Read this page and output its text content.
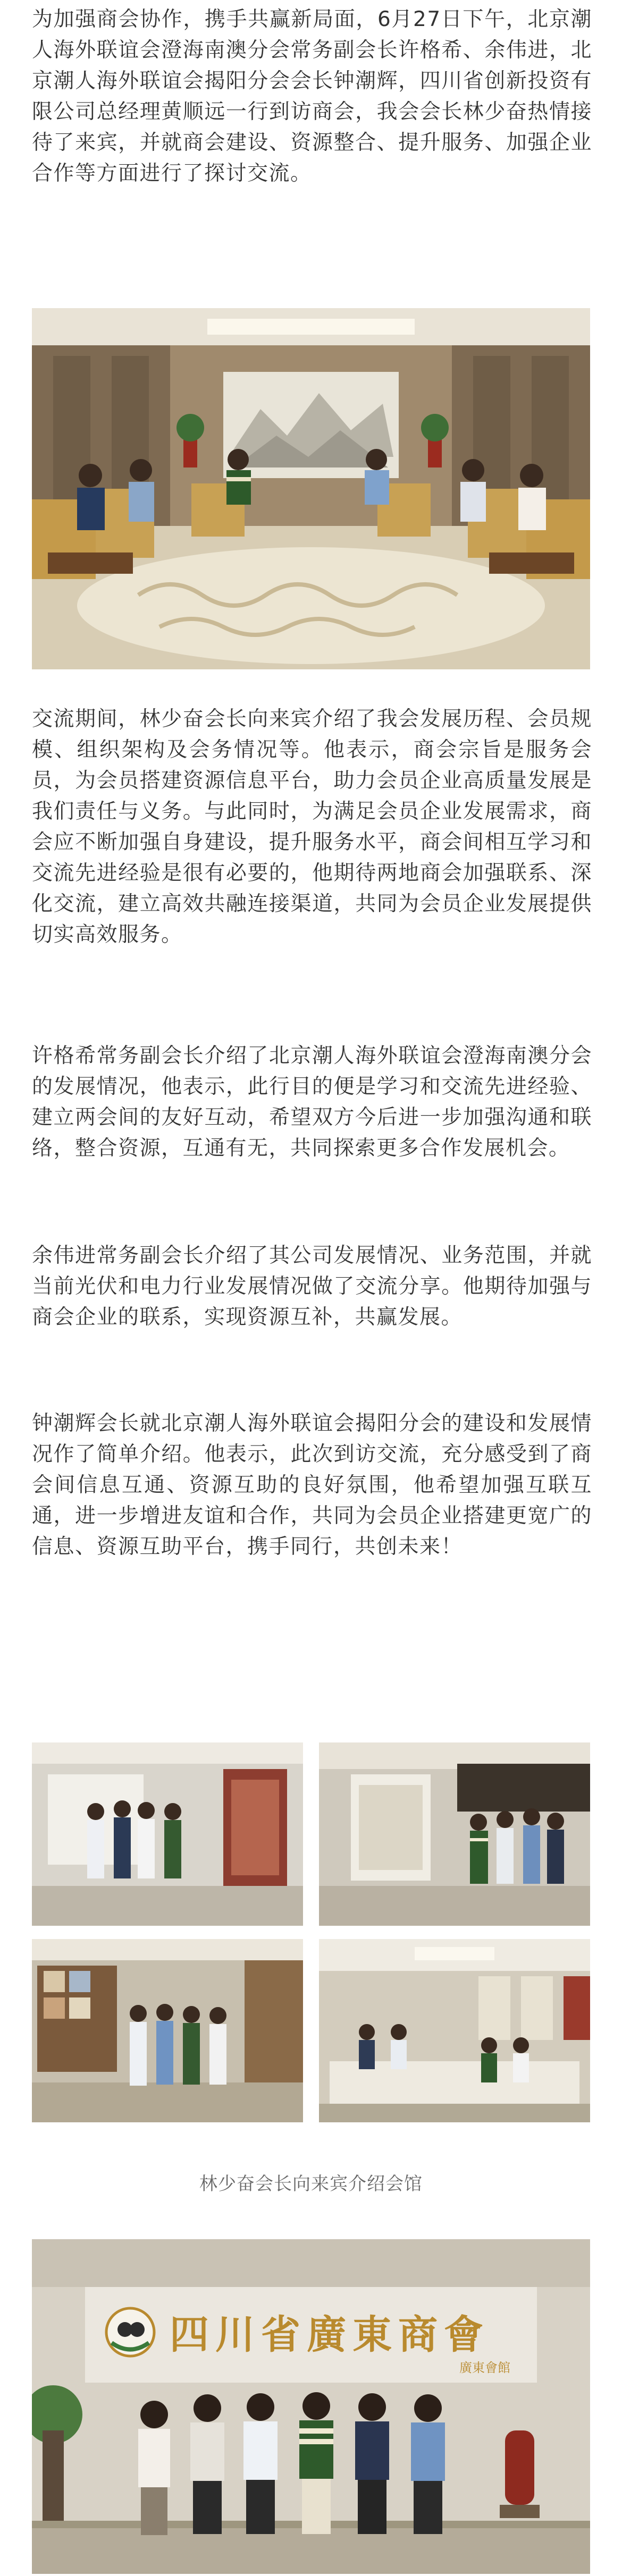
为加强商会协作，携手共赢新局面，6月27日下午，北京潮人海外联谊会澄海南澳分会常务副会长许格希、余伟进，北京潮人海外联谊会揭阳分会会长钟潮辉，四川省创新投资有限公司总经理黄顺远一行到访商会，我会会长林少奋热情接待了来宾，并就商会建设、资源整合、提升服务、加强企业合作等方面进行了探讨交流。

交流期间，林少奋会长向来宾介绍了我会发展历程、会员规模、组织架构及会务情况等。他表示，商会宗旨是服务会员，为会员搭建资源信息平台，助力会员企业高质量发展是我们责任与义务。与此同时，为满足会员企业发展需求，商会应不断加强自身建设，提升服务水平，商会间相互学习和交流先进经验是很有必要的，他期待两地商会加强联系、深化交流，建立高效共融连接渠道，共同为会员企业发展提供切实高效服务。

许格希常务副会长介绍了北京潮人海外联谊会澄海南澳分会的发展情况，他表示，此行目的便是学习和交流先进经验、建立两会间的友好互动，希望双方今后进一步加强沟通和联络，整合资源，互通有无，共同探索更多合作发展机会。

余伟进常务副会长介绍了其公司发展情况、业务范围，并就当前光伏和电力行业发展情况做了交流分享。他期待加强与商会企业的联系，实现资源互补，共赢发展。

钟潮辉会长就北京潮人海外联谊会揭阳分会的建设和发展情况作了简单介绍。他表示，此次到访交流，充分感受到了商会间信息互通、资源互助的良好氛围，他希望加强互联互通，进一步增进友谊和合作，共同为会员企业搭建更宽广的信息、资源互助平台，携手同行，共创未来！

林少奋会长向来宾介绍会馆
四川省廣東商會
廣東會館
